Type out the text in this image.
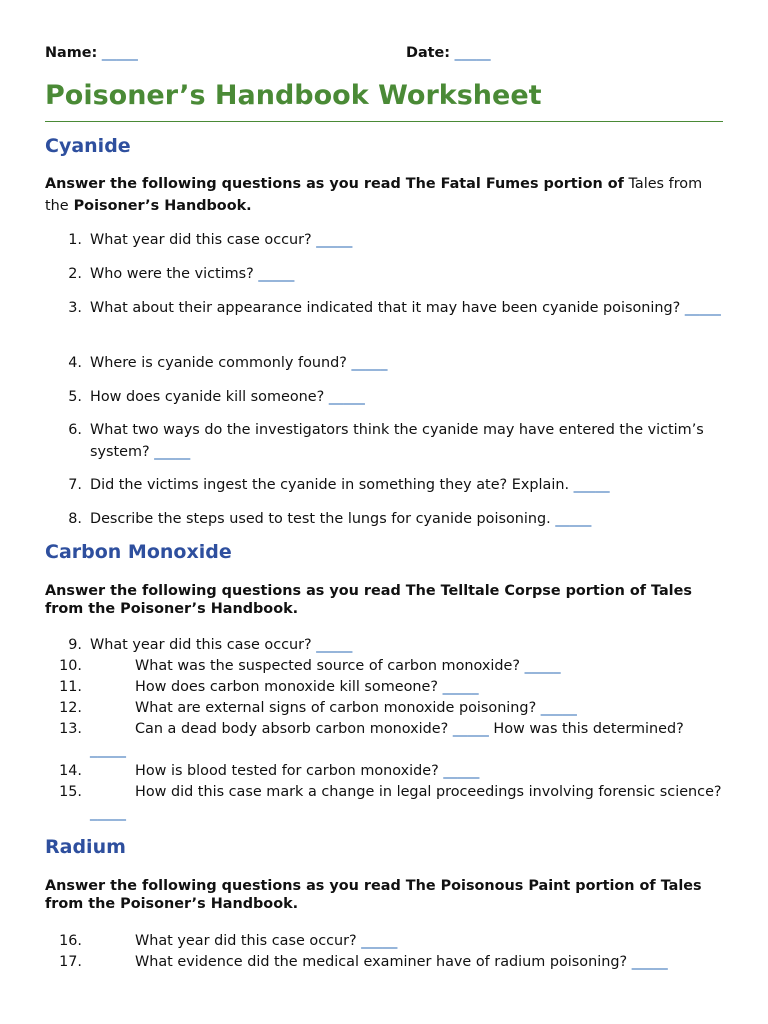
Name: _____	Date: _____
Poisoner’s Handbook Worksheet
Cyanide

Answer the following questions as you read The Fatal Fumes portion of Tales from the Poisoner’s Handbook.

1. What year did this case occur? _____
2. Who were the victims? _____
3. What about their appearance indicated that it may have been cyanide poisoning? _____
4. Where is cyanide commonly found? _____
5. How does cyanide kill someone? _____
6. What two ways do the investigators think the cyanide may have entered the victim’s system? _____
7. Did the victims ingest the cyanide in something they ate? Explain. _____
8. Describe the steps used to test the lungs for cyanide poisoning. _____
Carbon Monoxide

Answer the following questions as you read The Telltale Corpse portion of Tales from the Poisoner’s Handbook.

9. What year did this case occur? _____
10.	What was the suspected source of carbon monoxide? _____
11.	How does carbon monoxide kill someone? _____
12.	What are external signs of carbon monoxide poisoning? _____
13.	Can a dead body absorb carbon monoxide? _____ How was this determined? _____
14.	How is blood tested for carbon monoxide? _____
15.	How did this case mark a change in legal proceedings involving forensic science? _____
Radium

Answer the following questions as you read The Poisonous Paint portion of Tales from the Poisoner’s Handbook.

16.	What year did this case occur? _____
17.	What evidence did the medical examiner have of radium poisoning? _____
